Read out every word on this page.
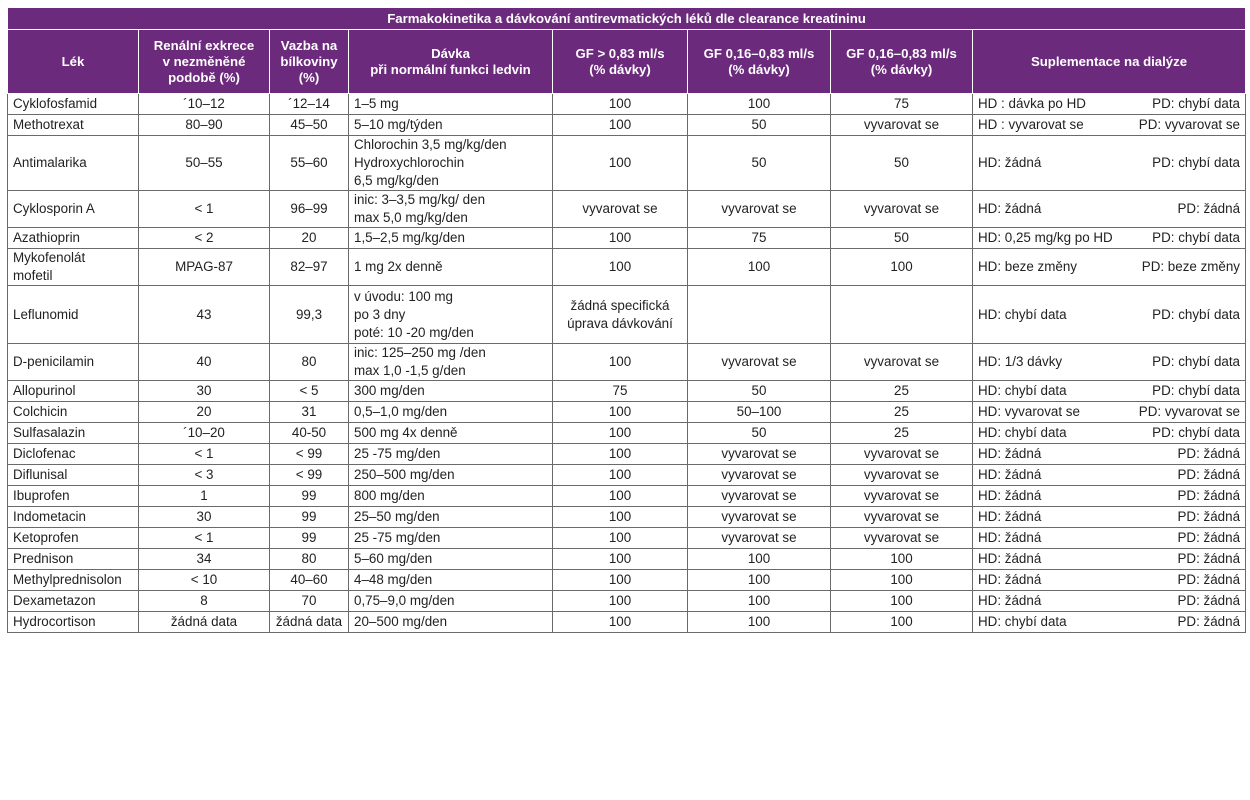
Farmakokinetika a dávkování antirevmatických léků dle clearance kreatininu							
Lék	Renální exkrece
v nezměněné
podobě (%)	Vazba na
bílkoviny
(%)	Dávka
při normální funkci ledvin	GF > 0,83 ml/s
(% dávky)	GF 0,16–0,83 ml/s
(% dávky)	GF 0,16–0,83 ml/s
(% dávky)	Suplementace na dialýze

Cyklofosfamid	´10–12	´12–14	1–5 mg	100	100	75	HD : dávka po HD PD: chybí data

Methotrexat	80–90	45–50	5–10 mg/týden	100	50	vyvarovat se	HD : vyvarovat se PD: vyvarovat se

Antimalarika	50–55	55–60	Chlorochin 3,5 mg/kg/den
Hydroxychlorochin
6,5 mg/kg/den	100	50	50	HD: žádná PD: chybí data

Cyklosporin A	< 1	96–99	inic: 3–3,5 mg/kg/ den
max 5,0 mg/kg/den	vyvarovat se	vyvarovat se	vyvarovat se	HD: žádná PD: žádná

Azathioprin	< 2	20	1,5–2,5 mg/kg/den	100	75	50	HD: 0,25 mg/kg po HD PD: chybí data

Mykofenolát
mofetil	MPAG-87	82–97	1 mg 2x denně	100	100	100	HD: beze změny PD: beze změny

Leflunomid	43	99,3	v úvodu: 100 mg
po 3 dny
poté: 10 -20 mg/den	žádná specifická
úprava dávkování			HD: chybí data PD: chybí data

D-penicilamin	40	80	inic: 125–250 mg /den
max 1,0 -1,5 g/den	100	vyvarovat se	vyvarovat se	HD: 1/3 dávky PD: chybí data

Allopurinol	30	< 5	300 mg/den	75	50	25	HD: chybí data PD: chybí data

Colchicin	20	31	0,5–1,0 mg/den	100	50–100	25	HD: vyvarovat se PD: vyvarovat se

Sulfasalazin	´10–20	40-50	500 mg 4x denně	100	50	25	HD: chybí data PD: chybí data

Diclofenac	< 1	< 99	25 -75 mg/den	100	vyvarovat se	vyvarovat se	HD: žádná PD: žádná

Diflunisal	< 3	< 99	250–500 mg/den	100	vyvarovat se	vyvarovat se	HD: žádná PD: žádná

Ibuprofen	1	99	800 mg/den	100	vyvarovat se	vyvarovat se	HD: žádná PD: žádná

Indometacin	30	99	25–50 mg/den	100	vyvarovat se	vyvarovat se	HD: žádná PD: žádná

Ketoprofen	< 1	99	25 -75 mg/den	100	vyvarovat se	vyvarovat se	HD: žádná PD: žádná

Prednison	34	80	5–60 mg/den	100	100	100	HD: žádná PD: žádná

Methylprednisolon	< 10	40–60	4–48 mg/den	100	100	100	HD: žádná PD: žádná

Dexametazon	8	70	0,75–9,0 mg/den	100	100	100	HD: žádná PD: žádná

Hydrocortison	žádná data	žádná data	20–500 mg/den	100	100	100	HD: chybí data PD: žádná
